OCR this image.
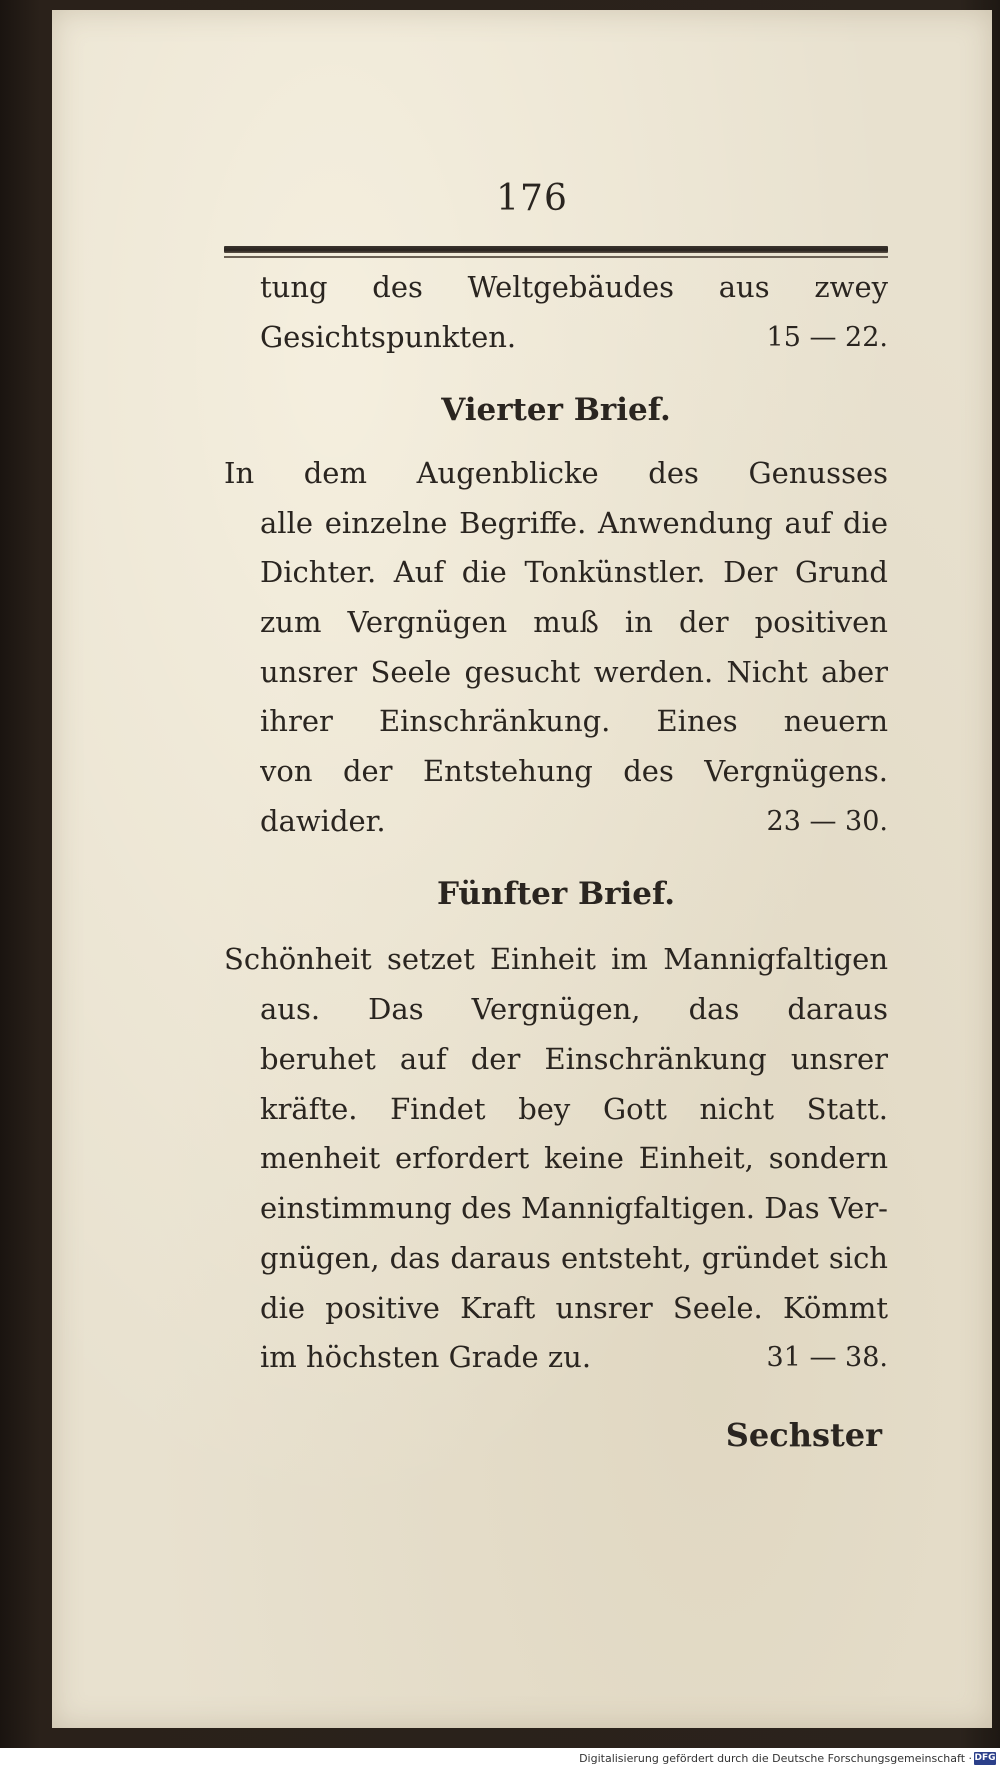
176
tung des Weltgebäudes aus zwey
Gesichtspunkten.	15 — 22.
Vierter Brief.
In dem Augenblicke des Genusses
alle einzelne Begriffe. Anwendung auf die
Dichter. Auf die Tonkünstler. Der Grund
zum Vergnügen muß in der positiven
unsrer Seele gesucht werden. Nicht aber
ihrer Einschränkung. Eines neuern
von der Entstehung des Vergnügens.
dawider.	23 — 30.
Fünfter Brief.
Schönheit setzet Einheit im Mannigfaltigen
aus. Das Vergnügen, das daraus
beruhet auf der Einschränkung unsrer
kräfte. Findet bey Gott nicht Statt.
menheit erfordert keine Einheit, sondern
einstimmung des Mannigfaltigen. Das Ver-
gnügen, das daraus entsteht, gründet sich
die positive Kraft unsrer Seele. Kömmt
im höchsten Grade zu.	31 — 38.
Sechster
Digitalisierung gefördert durch die Deutsche Forschungsgemeinschaft · DFG
